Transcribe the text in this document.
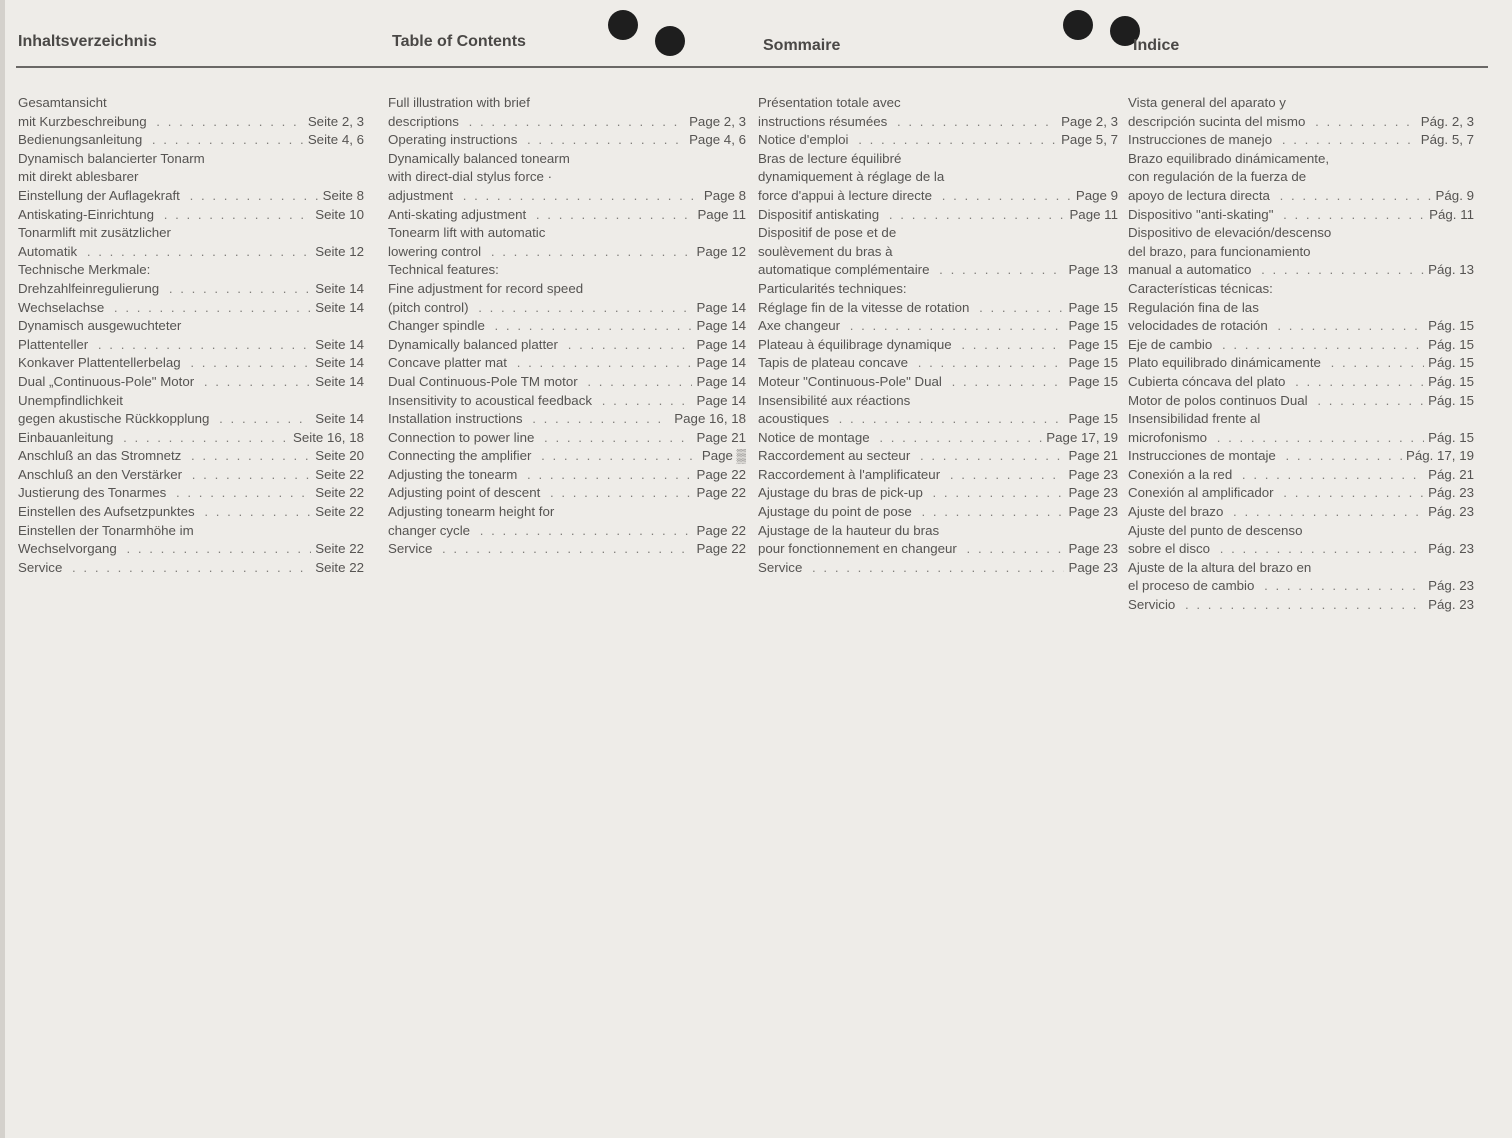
Inhaltsverzeichnis	Table of Contents	Sommaire	Indice
Gesamtansicht
mit Kurzbeschreibung . . .	Seite 2, 3
Bedienungsanleitung . . .	Seite 4, 6
Dynamisch balancierter Tonarm
mit direkt ablesbarer
Einstellung der Auflagekraft . . .	Seite 8
Antiskating-Einrichtung . . .	Seite 10
Tonarmlift mit zusätzlicher
Automatik . . .	Seite 12
Technische Merkmale:
Drehzahlfeinregulierung . . .	Seite 14
Wechselachse . . .	Seite 14
Dynamisch ausgewuchteter
Plattenteller . . .	Seite 14
Konkaver Plattentellerbelag . . .	Seite 14
Dual „Continuous-Pole" Motor . . .	Seite 14
Unempfindlichkeit
gegen akustische Rückkopplung . . .	Seite 14
Einbauanleitung . . .	Seite 16, 18
Anschluß an das Stromnetz . . .	Seite 20
Anschluß an den Verstärker . . .	Seite 22
Justierung des Tonarmes . . .	Seite 22
Einstellen des Aufsetzpunktes . . .	Seite 22
Einstellen der Tonarmhöhe im
Wechselvorgang . . .	Seite 22
Service . . .	Seite 22
Full illustration with brief
descriptions . . .	Page 2, 3
Operating instructions . . .	Page 4, 6
Dynamically balanced tonearm
with direct-dial stylus force ·
adjustment . . .	Page 8
Anti-skating adjustment . . .	Page 11
Tonearm lift with automatic
lowering control . . .	Page 12
Technical features:
Fine adjustment for record speed
(pitch control) . . .	Page 14
Changer spindle . . .	Page 14
Dynamically balanced platter . . .	Page 14
Concave platter mat . . .	Page 14
Dual Continuous-Pole TM motor . . .	Page 14
Insensitivity to acoustical feedback . . .	Page 14
Installation instructions . . .	Page 16, 18
Connection to power line . . .	Page 21
Connecting the amplifier . . .	Page ▒
Adjusting the tonearm . . .	Page 22
Adjusting point of descent . . .	Page 22
Adjusting tonearm height for
changer cycle . . .	Page 22
Service . . .	Page 22
Présentation totale avec
instructions résumées . . .	Page 2, 3
Notice d'emploi . . .	Page 5, 7
Bras de lecture équilibré
dynamiquement à réglage de la
force d'appui à lecture directe . . .	Page 9
Dispositif antiskating . . .	Page 11
Dispositif de pose et de
soulèvement du bras à
automatique complémentaire . . .	Page 13
Particularités techniques:
Réglage fin de la vitesse de rotation . . .	Page 15
Axe changeur . . .	Page 15
Plateau à équilibrage dynamique . . .	Page 15
Tapis de plateau concave . . .	Page 15
Moteur "Continuous-Pole" Dual . . .	Page 15
Insensibilité aux réactions
acoustiques . . .	Page 15
Notice de montage . . .	Page 17, 19
Raccordement au secteur . . .	Page 21
Raccordement à l'amplificateur . . .	Page 23
Ajustage du bras de pick-up . . .	Page 23
Ajustage du point de pose . . .	Page 23
Ajustage de la hauteur du bras
pour fonctionnement en changeur . . .	Page 23
Service . . .	Page 23
Vista general del aparato y
descripción sucinta del mismo . . .	Pág. 2, 3
Instrucciones de manejo . . .	Pág. 5, 7
Brazo equilibrado dinámicamente,
con regulación de la fuerza de
apoyo de lectura directa . . .	Pág. 9
Dispositivo "anti-skating" . . .	Pág. 11
Dispositivo de elevación/descenso
del brazo, para funcionamiento
manual a automatico . . .	Pág. 13
Características técnicas:
Regulación fina de las
velocidades de rotación . . .	Pág. 15
Eje de cambio . . .	Pág. 15
Plato equilibrado dinámicamente . . .	Pág. 15
Cubierta cóncava del plato . . .	Pág. 15
Motor de polos continuos Dual . . .	Pág. 15
Insensibilidad frente al
microfonismo . . .	Pág. 15
Instrucciones de montaje . . .	Pág. 17, 19
Conexión a la red . . .	Pág. 21
Conexión al amplificador . . .	Pág. 23
Ajuste del brazo . . .	Pág. 23
Ajuste del punto de descenso
sobre el disco . . .	Pág. 23
Ajuste de la altura del brazo en
el proceso de cambio . . .	Pág. 23
Servicio . . .	Pág. 23
